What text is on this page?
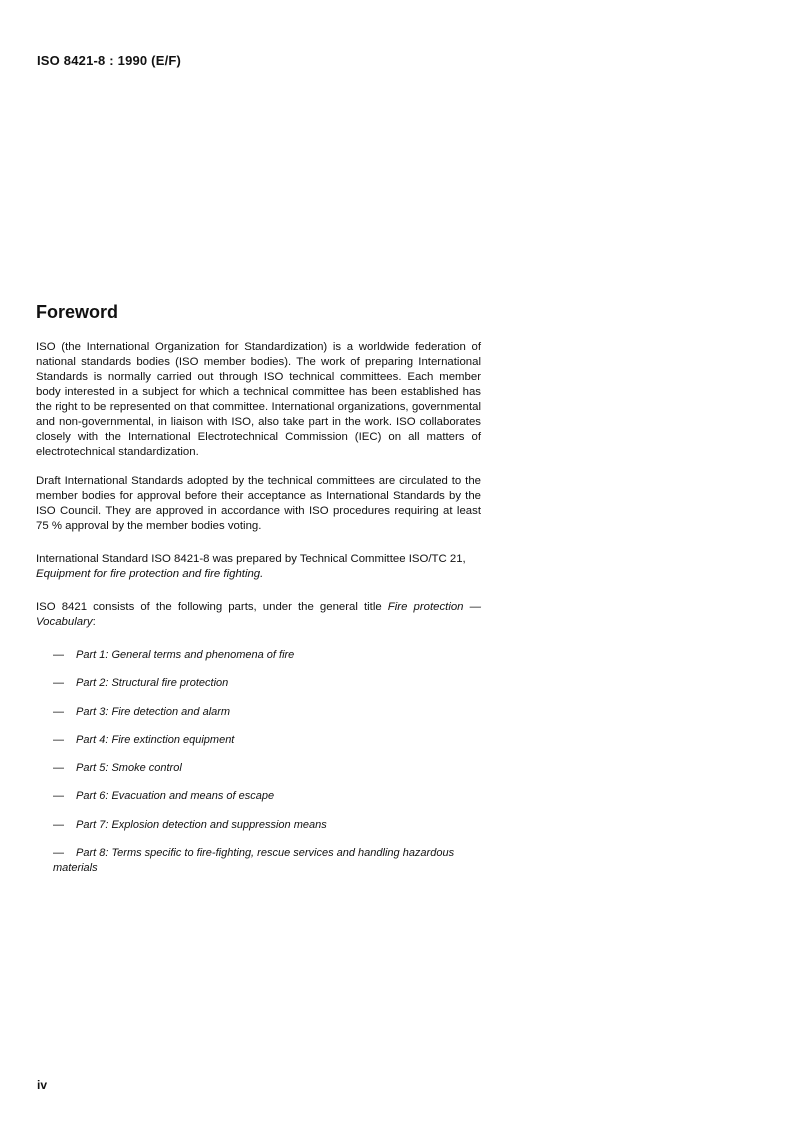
ISO 8421-8 : 1990 (E/F)
Foreword

ISO (the International Organization for Standardization) is a worldwide federation of national standards bodies (ISO member bodies). The work of preparing International Standards is normally carried out through ISO technical committees. Each member body interested in a subject for which a technical committee has been established has the right to be represented on that committee. International organizations, governmental and non-governmental, in liaison with ISO, also take part in the work. ISO collaborates closely with the International Electrotechnical Commission (IEC) on all matters of electrotechnical standardization.

Draft International Standards adopted by the technical committees are circulated to the member bodies for approval before their acceptance as International Standards by the ISO Council. They are approved in accordance with ISO procedures requiring at least 75 % approval by the member bodies voting.

International Standard ISO 8421-8 was prepared by Technical Committee ISO/TC 21,
Equipment for fire protection and fire fighting.

ISO 8421 consists of the following parts, under the general title Fire protection — Vocabulary:

— Part 1: General terms and phenomena of fire
— Part 2: Structural fire protection
— Part 3: Fire detection and alarm
— Part 4: Fire extinction equipment
— Part 5: Smoke control
— Part 6: Evacuation and means of escape
— Part 7: Explosion detection and suppression means
— Part 8: Terms specific to fire-fighting, rescue services and handling hazardous materials
iv
